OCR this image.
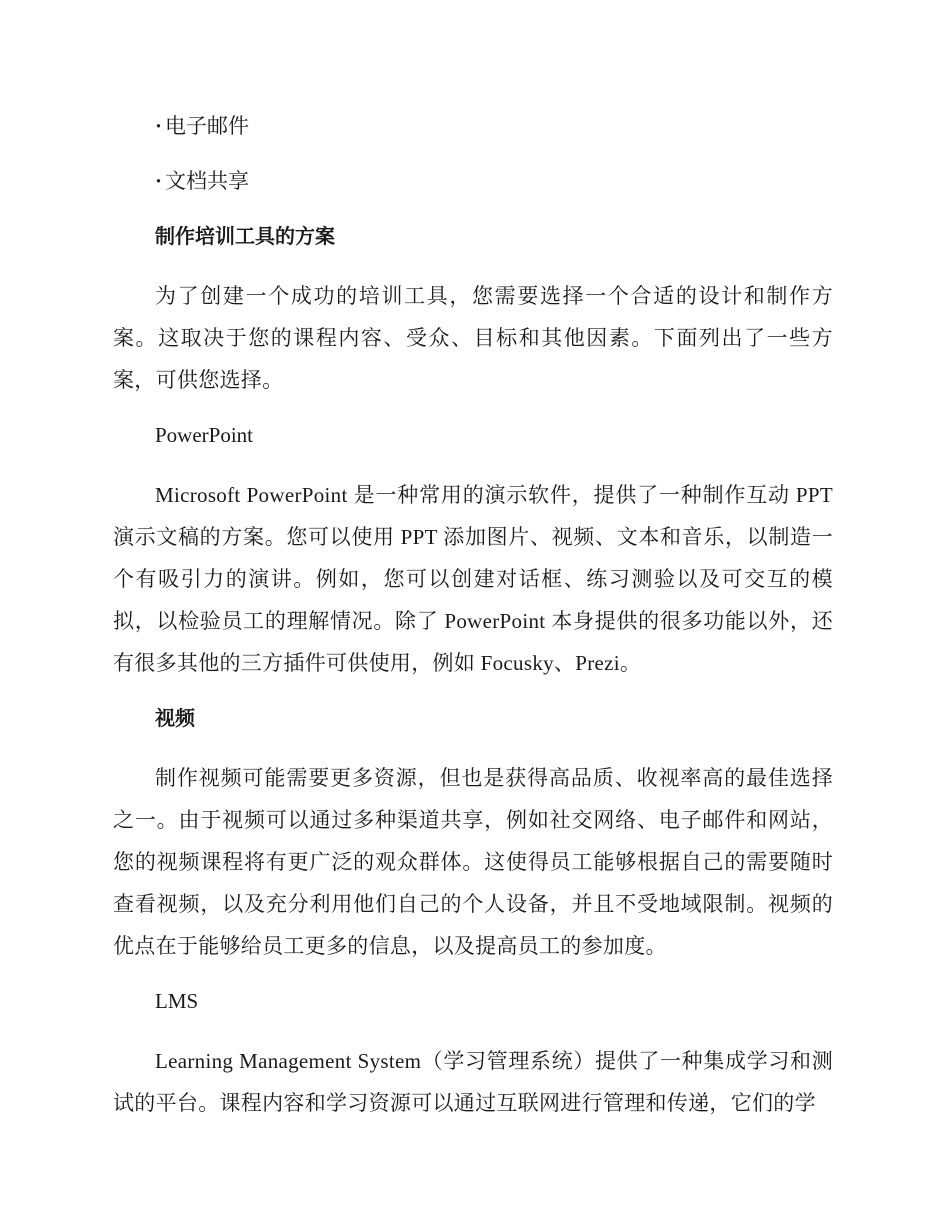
· 电子邮件
· 文档共享
制作培训工具的方案

为了创建一个成功的培训工具，您需要选择一个合适的设计和制作方案。这取决于您的课程内容、受众、目标和其他因素。下面列出了一些方案，可供您选择。

PowerPoint

Microsoft PowerPoint 是一种常用的演示软件，提供了一种制作互动 PPT 演示文稿的方案。您可以使用 PPT 添加图片、视频、文本和音乐，以制造一个有吸引力的演讲。例如，您可以创建对话框、练习测验以及可交互的模拟，以检验员工的理解情况。除了 PowerPoint 本身提供的很多功能以外，还有很多其他的三方插件可供使用，例如 Focusky、Prezi。

视频

制作视频可能需要更多资源，但也是获得高品质、收视率高的最佳选择之一。由于视频可以通过多种渠道共享，例如社交网络、电子邮件和网站，您的视频课程将有更广泛的观众群体。这使得员工能够根据自己的需要随时查看视频，以及充分利用他们自己的个人设备，并且不受地域限制。视频的优点在于能够给员工更多的信息，以及提高员工的参加度。

LMS

Learning Management System（学习管理系统）提供了一种集成学习和测试的平台。课程内容和学习资源可以通过互联网进行管理和传递，它们的学
